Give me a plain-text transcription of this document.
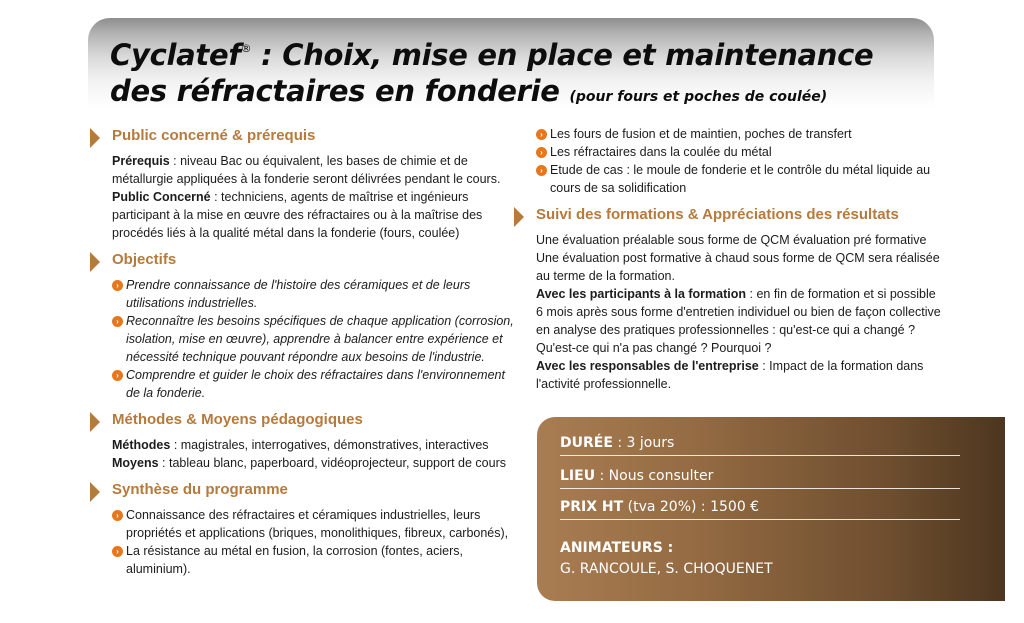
Cyclatef® : Choix, mise en place et maintenance
des réfractaires en fonderie (pour fours et poches de coulée)
Public concerné & prérequis
Prérequis : niveau Bac ou équivalent, les bases de chimie et de métallurgie appliquées à la fonderie seront délivrées pendant le cours.
Public Concerné : techniciens, agents de maîtrise et ingénieurs participant à la mise en œuvre des réfractaires ou à la maîtrise des procédés liés à la qualité métal dans la fonderie (fours, coulée)
Objectifs
› Prendre connaissance de l'histoire des céramiques et de leurs utilisations industrielles.
› Reconnaître les besoins spécifiques de chaque application (corrosion, isolation, mise en œuvre), apprendre à balancer entre expérience et nécessité technique pouvant répondre aux besoins de l'industrie.
› Comprendre et guider le choix des réfractaires dans l'environnement de la fonderie.
Méthodes & Moyens pédagogiques
Méthodes : magistrales, interrogatives, démonstratives, interactives
Moyens : tableau blanc, paperboard, vidéoprojecteur, support de cours
Synthèse du programme
› Connaissance des réfractaires et céramiques industrielles, leurs propriétés et applications (briques, monolithiques, fibreux, carbonés),
› La résistance au métal en fusion, la corrosion (fontes, aciers, aluminium).
› Les fours de fusion et de maintien, poches de transfert
› Les réfractaires dans la coulée du métal
› Etude de cas : le moule de fonderie et le contrôle du métal liquide au cours de sa solidification
Suivi des formations & Appréciations des résultats
Une évaluation préalable sous forme de QCM évaluation pré formative
Une évaluation post formative à chaud sous forme de QCM sera réalisée au terme de la formation.
Avec les participants à la formation : en fin de formation et si possible 6 mois après sous forme d'entretien individuel ou bien de façon collective en analyse des pratiques professionnelles : qu'est-ce qui a changé ? Qu'est-ce qui n'a pas changé ? Pourquoi ?
Avec les responsables de l'entreprise : Impact de la formation dans l'activité professionnelle.
DURÉE : 3 jours
LIEU : Nous consulter
PRIX HT (tva 20%) : 1500 €
ANIMATEURS :
G. RANCOULE, S. CHOQUENET
